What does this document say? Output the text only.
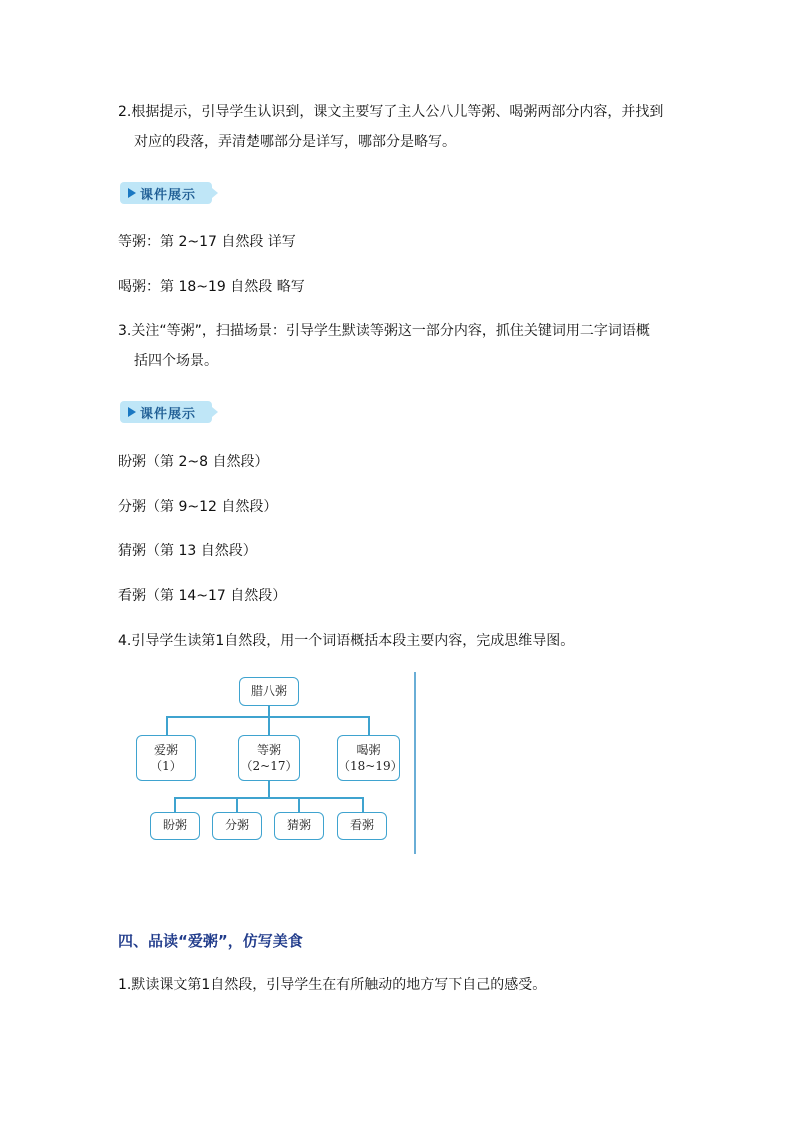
2.根据提示，引导学生认识到，课文主要写了主人公八儿等粥、喝粥两部分内容，并找到
对应的段落，弄清楚哪部分是详写，哪部分是略写。
课件展示
等粥：第 2~17 自然段 详写
喝粥：第 18~19 自然段 略写
3.关注“等粥”，扫描场景：引导学生默读等粥这一部分内容，抓住关键词用二字词语概
括四个场景。
课件展示
盼粥（第 2~8 自然段）
分粥（第 9~12 自然段）
猜粥（第 13 自然段）
看粥（第 14~17 自然段）
4.引导学生读第1自然段，用一个词语概括本段主要内容，完成思维导图。
腊八粥
爱粥
（1）
等粥
（2~17）
喝粥
（18~19）
盼粥	分粥	猜粥	看粥
四、品读“爱粥”，仿写美食
1.默读课文第1自然段，引导学生在有所触动的地方写下自己的感受。
